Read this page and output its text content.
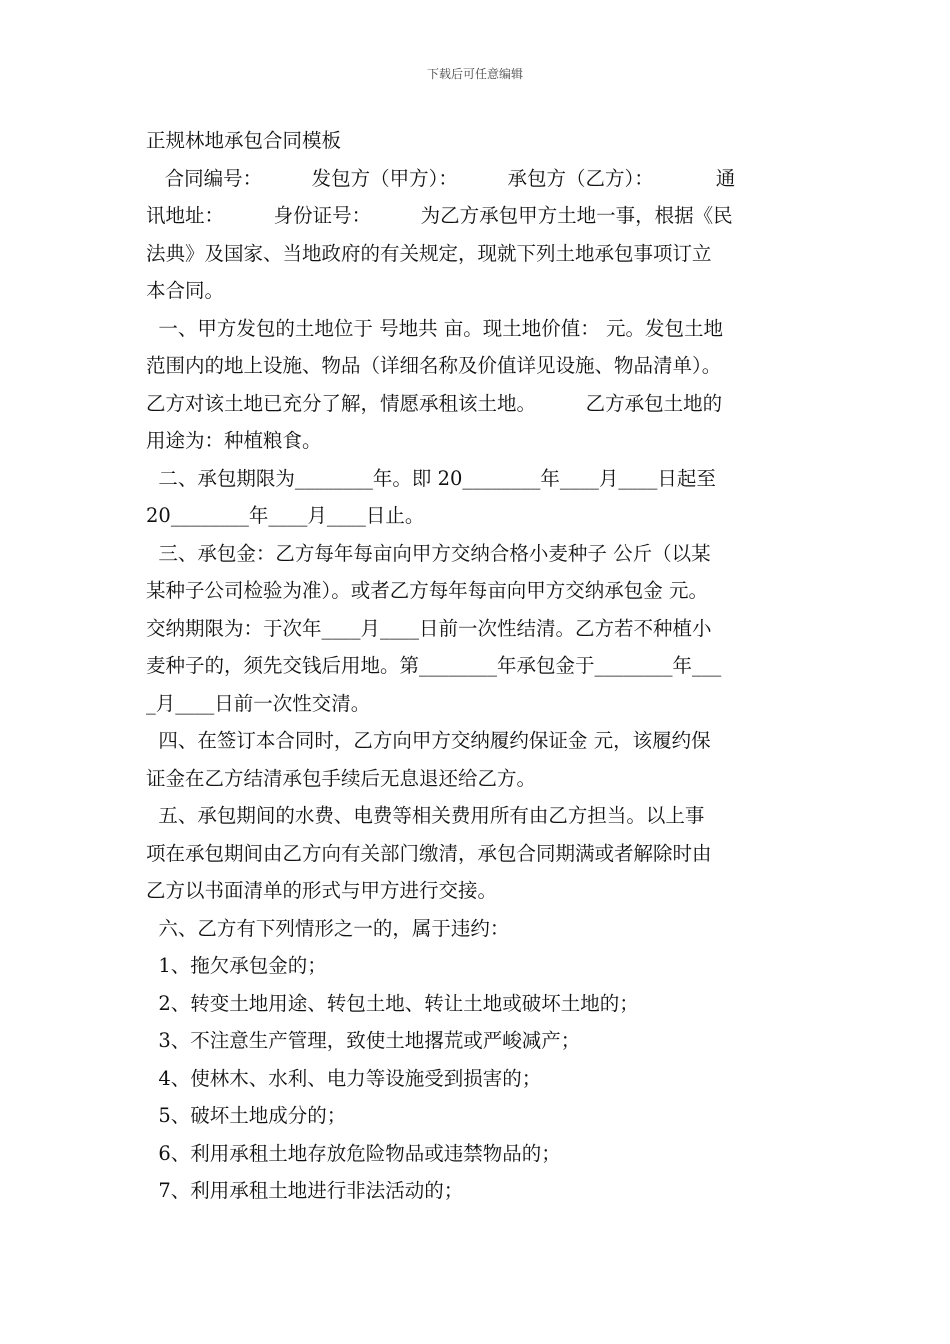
下载后可任意编辑
正规林地承包合同模板
合同编号：        发包方（甲方）：        承包方（乙方）：          通
讯地址：        身份证号：        为乙方承包甲方土地一事，根据《民
法典》及国家、当地政府的有关规定，现就下列土地承包事项订立
本合同。
一、甲方发包的土地位于 号地共 亩。现土地价值： 元。发包土地
范围内的地上设施、物品（详细名称及价值详见设施、物品清单）。
乙方对该土地已充分了解，情愿承租该土地。        乙方承包土地的
用途为：种植粮食。
二、承包期限为________年。即 20________年____月____日起至
20________年____月____日止。
三、承包金：乙方每年每亩向甲方交纳合格小麦种子 公斤（以某
某种子公司检验为准）。或者乙方每年每亩向甲方交纳承包金 元。
交纳期限为：于次年____月____日前一次性结清。乙方若不种植小
麦种子的，须先交钱后用地。第________年承包金于________年___
_月____日前一次性交清。
四、在签订本合同时，乙方向甲方交纳履约保证金 元，该履约保
证金在乙方结清承包手续后无息退还给乙方。
五、承包期间的水费、电费等相关费用所有由乙方担当。以上事
项在承包期间由乙方向有关部门缴清，承包合同期满或者解除时由
乙方以书面清单的形式与甲方进行交接。
六、乙方有下列情形之一的，属于违约：
1、拖欠承包金的；
2、转变土地用途、转包土地、转让土地或破坏土地的；
3、不注意生产管理，致使土地撂荒或严峻减产；
4、使林木、水利、电力等设施受到损害的；
5、破坏土地成分的；
6、利用承租土地存放危险物品或违禁物品的；
7、利用承租土地进行非法活动的；
